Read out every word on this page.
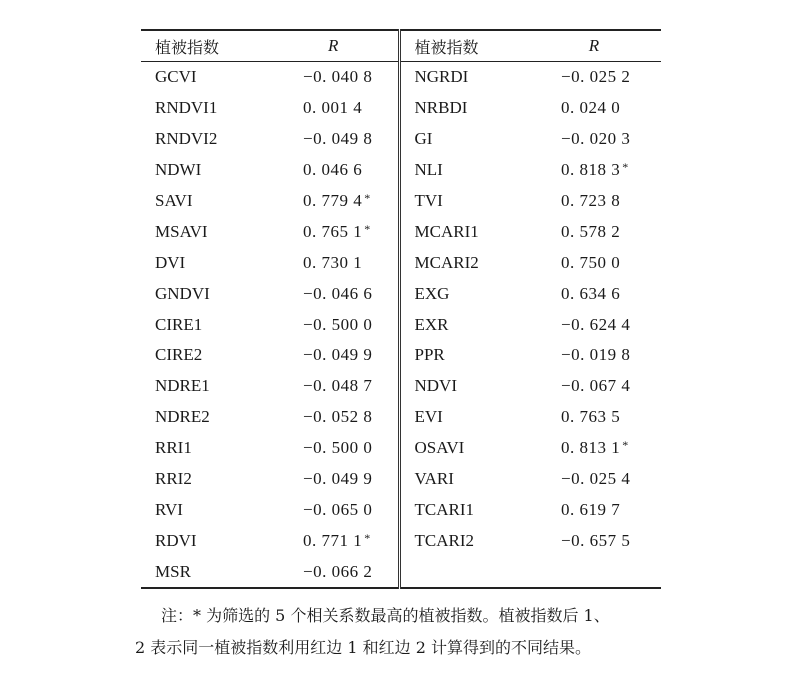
植被指数	R	植被指数	R
GCVI	−0. 040 8	NGRDI	−0. 025 2
RNDVI1	0. 001 4	NRBDI	0. 024 0
RNDVI2	−0. 049 8	GI	−0. 020 3
NDWI	0. 046 6	NLI	0. 818 3 *
SAVI	0. 779 4 *	TVI	0. 723 8
MSAVI	0. 765 1 *	MCARI1	0. 578 2
DVI	0. 730 1	MCARI2	0. 750 0
GNDVI	−0. 046 6	EXG	0. 634 6
CIRE1	−0. 500 0	EXR	−0. 624 4
CIRE2	−0. 049 9	PPR	−0. 019 8
NDRE1	−0. 048 7	NDVI	−0. 067 4
NDRE2	−0. 052 8	EVI	0. 763 5
RRI1	−0. 500 0	OSAVI	0. 813 1 *
RRI2	−0. 049 9	VARI	−0. 025 4
RVI	−0. 065 0	TCARI1	0. 619 7
RDVI	0. 771 1 *	TCARI2	−0. 657 5
MSR	−0. 066 2		
注：* 为筛选的 5 个相关系数最高的植被指数。植被指数后 1、
2 表示同一植被指数利用红边 1 和红边 2 计算得到的不同结果。
